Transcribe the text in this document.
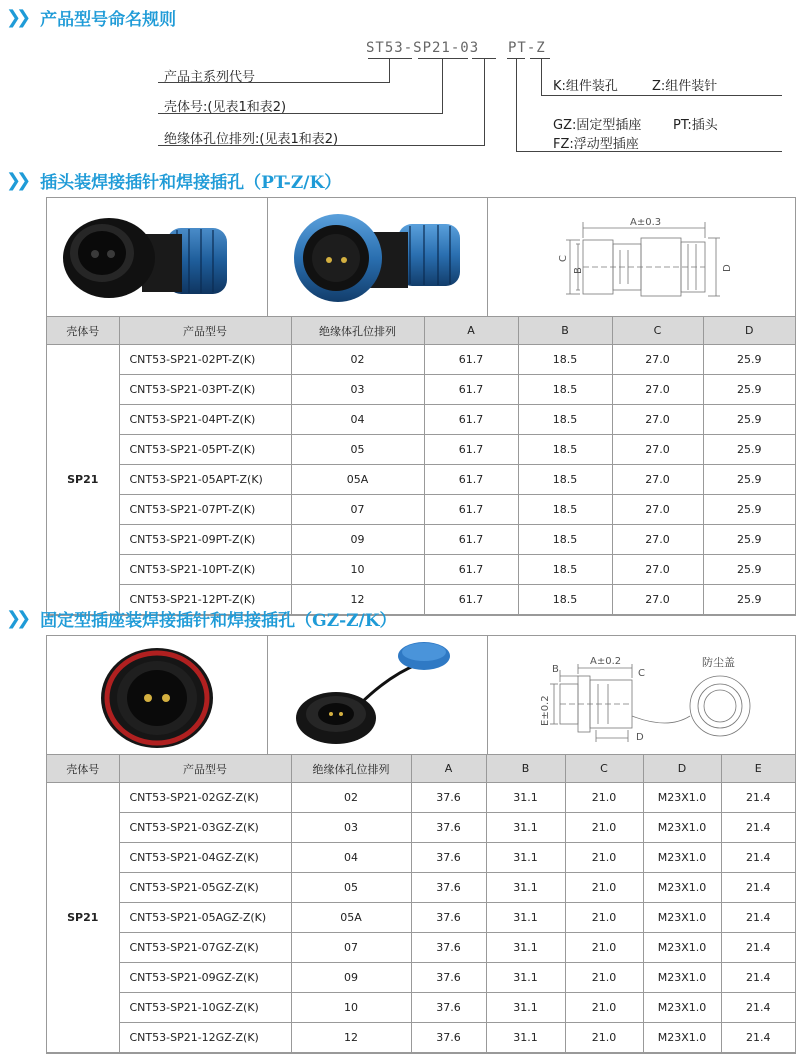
❯❯ 产品型号命名规则
ST53-SP21-03 PT-Z
产品主系列代号
壳体号:(见表1和表2)
绝缘体孔位排列:(见表1和表2)
K:组件装孔	Z:组件装针
GZ:固定型插座 PT:插头
FZ:浮动型插座
❯❯ 插头装焊接插针和焊接插孔（PT-Z/K）
A±0.3
C
B	D
壳体号	产品型号	绝缘体孔位排列	A	B	C	D
SP21	CNT53-SP21-02PT-Z(K)	02	61.7	18.5	27.0	25.9
	CNT53-SP21-03PT-Z(K)	03	61.7	18.5	27.0	25.9
	CNT53-SP21-04PT-Z(K)	04	61.7	18.5	27.0	25.9
	CNT53-SP21-05PT-Z(K)	05	61.7	18.5	27.0	25.9
	CNT53-SP21-05APT-Z(K)	05A	61.7	18.5	27.0	25.9
	CNT53-SP21-07PT-Z(K)	07	61.7	18.5	27.0	25.9
	CNT53-SP21-09PT-Z(K)	09	61.7	18.5	27.0	25.9
	CNT53-SP21-10PT-Z(K)	10	61.7	18.5	27.0	25.9
	CNT53-SP21-12PT-Z(K)	12	61.7	18.5	27.0	25.9
❯❯ 固定型插座装焊接插针和焊接插孔（GZ-Z/K）
A±0.2
B	C
D
E±0.2
防尘盖
壳体号	产品型号	绝缘体孔位排列	A	B	C	D	E
SP21	CNT53-SP21-02GZ-Z(K)	02	37.6	31.1	21.0	M23X1.0	21.4
	CNT53-SP21-03GZ-Z(K)	03	37.6	31.1	21.0	M23X1.0	21.4
	CNT53-SP21-04GZ-Z(K)	04	37.6	31.1	21.0	M23X1.0	21.4
	CNT53-SP21-05GZ-Z(K)	05	37.6	31.1	21.0	M23X1.0	21.4
	CNT53-SP21-05AGZ-Z(K)	05A	37.6	31.1	21.0	M23X1.0	21.4
	CNT53-SP21-07GZ-Z(K)	07	37.6	31.1	21.0	M23X1.0	21.4
	CNT53-SP21-09GZ-Z(K)	09	37.6	31.1	21.0	M23X1.0	21.4
	CNT53-SP21-10GZ-Z(K)	10	37.6	31.1	21.0	M23X1.0	21.4
	CNT53-SP21-12GZ-Z(K)	12	37.6	31.1	21.0	M23X1.0	21.4
